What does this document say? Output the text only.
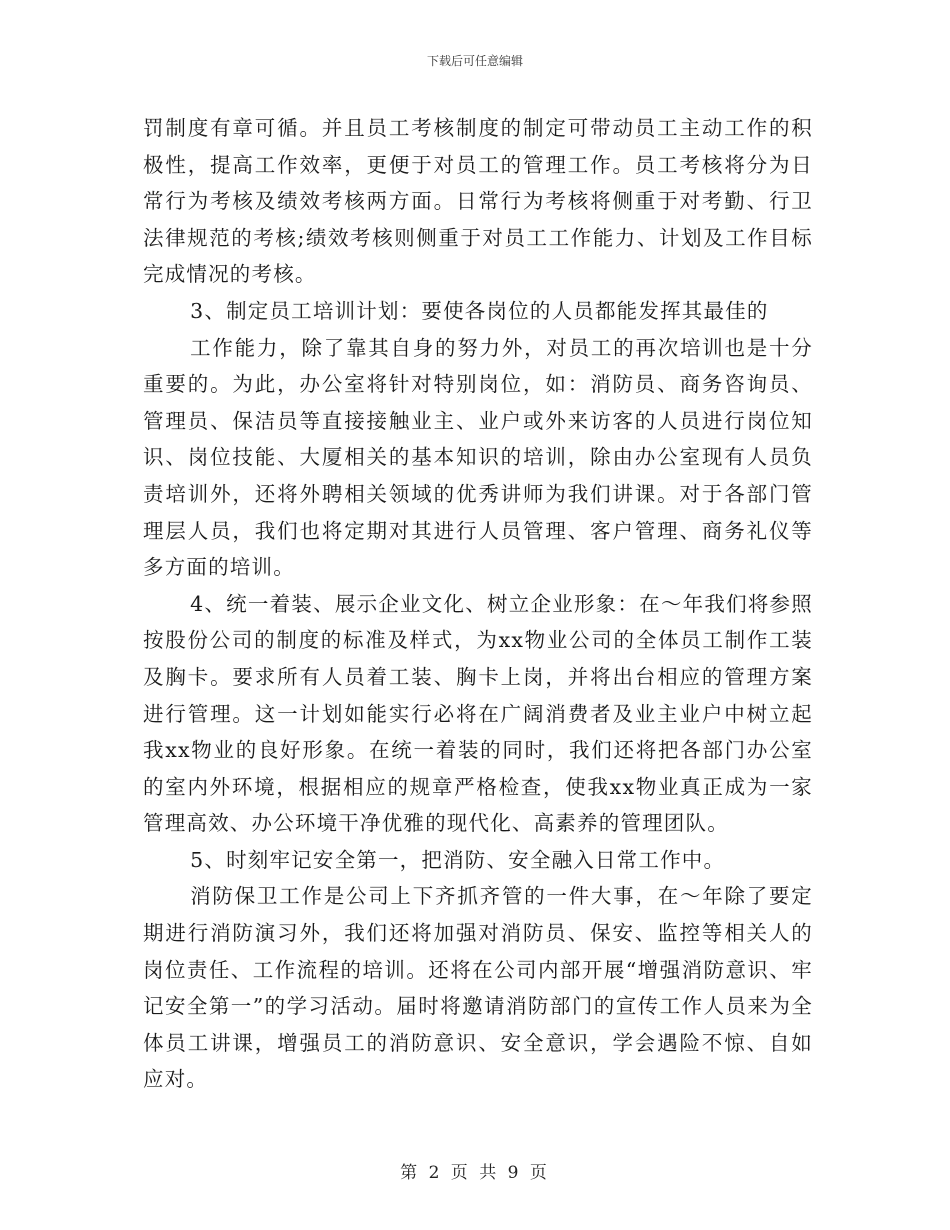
下载后可任意编辑

罚制度有章可循。并且员工考核制度的制定可带动员工主动工作的积极性，提高工作效率，更便于对员工的管理工作。员工考核将分为日常行为考核及绩效考核两方面。日常行为考核将侧重于对考勤、行卫法律规范的考核;绩效考核则侧重于对员工工作能力、计划及工作目标完成情况的考核。

3、制定员工培训计划：要使各岗位的人员都能发挥其最佳的

工作能力，除了靠其自身的努力外，对员工的再次培训也是十分重要的。为此，办公室将针对特别岗位，如：消防员、商务咨询员、管理员、保洁员等直接接触业主、业户或外来访客的人员进行岗位知识、岗位技能、大厦相关的基本知识的培训，除由办公室现有人员负责培训外，还将外聘相关领域的优秀讲师为我们讲课。对于各部门管理层人员，我们也将定期对其进行人员管理、客户管理、商务礼仪等多方面的培训。

4、统一着装、展示企业文化、树立企业形象：在～年我们将参照按股份公司的制度的标准及样式，为xx物业公司的全体员工制作工装及胸卡。要求所有人员着工装、胸卡上岗，并将出台相应的管理方案进行管理。这一计划如能实行必将在广阔消费者及业主业户中树立起我xx物业的良好形象。在统一着装的同时，我们还将把各部门办公室的室内外环境，根据相应的规章严格检查，使我xx物业真正成为一家管理高效、办公环境干净优雅的现代化、高素养的管理团队。

5、时刻牢记安全第一，把消防、安全融入日常工作中。

消防保卫工作是公司上下齐抓齐管的一件大事，在～年除了要定期进行消防演习外，我们还将加强对消防员、保安、监控等相关人的岗位责任、工作流程的培训。还将在公司内部开展“增强消防意识、牢记安全第一”的学习活动。届时将邀请消防部门的宣传工作人员来为全体员工讲课，增强员工的消防意识、安全意识，学会遇险不惊、自如应对。

第 2 页 共 9 页
